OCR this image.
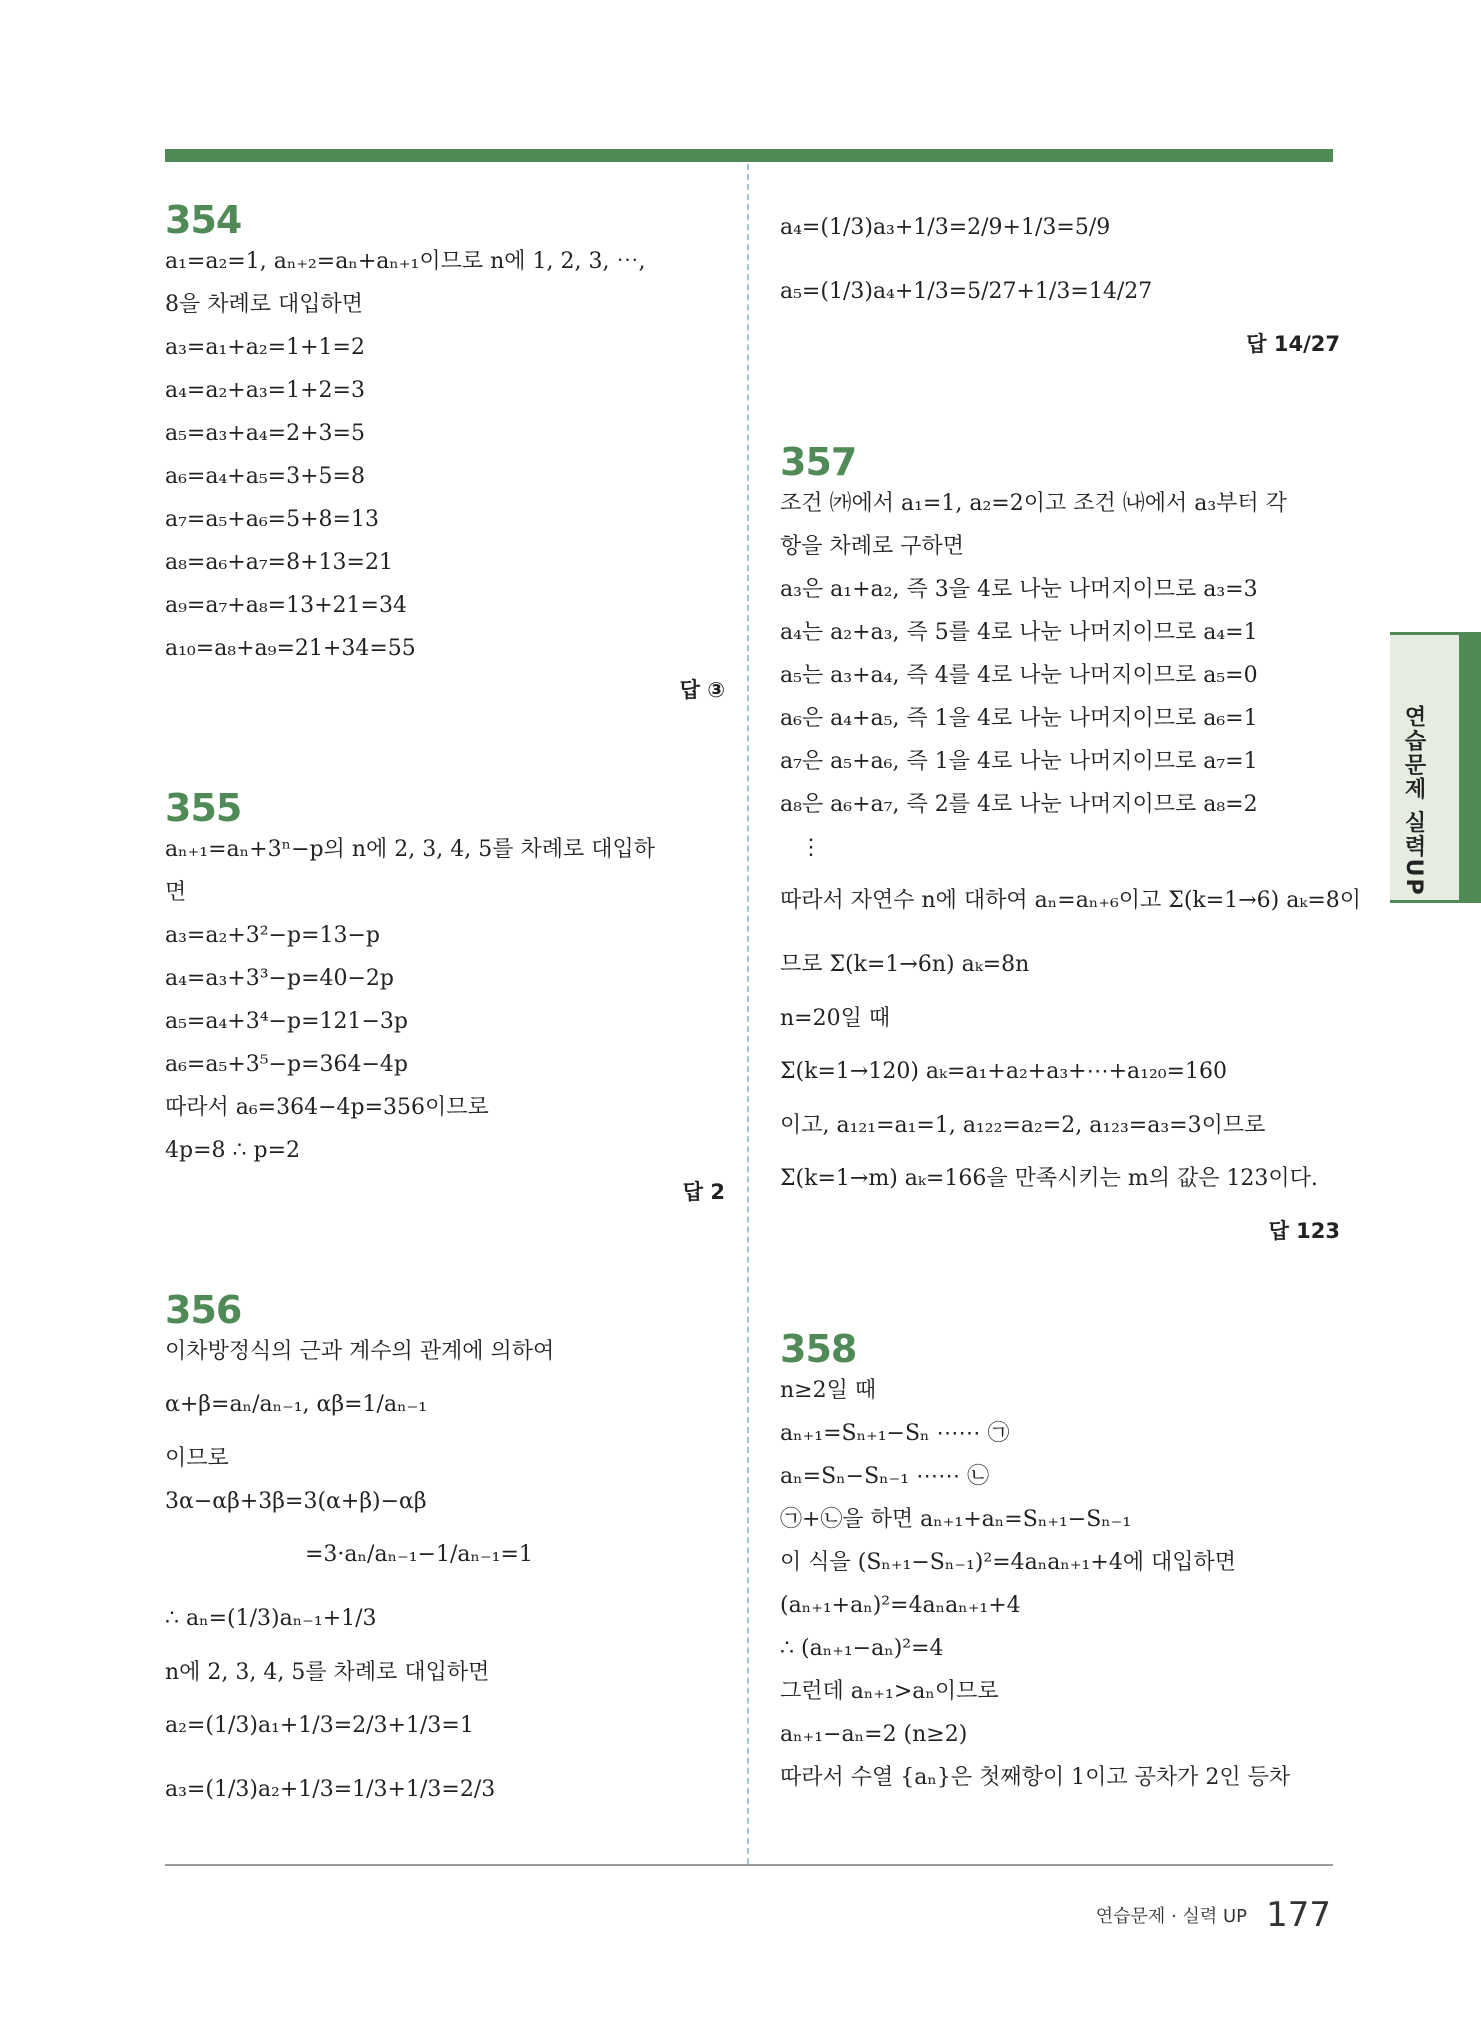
354
a₁=a₂=1, aₙ₊₂=aₙ+aₙ₊₁이므로 n에 1, 2, 3, ⋯,
8을 차례로 대입하면
a₃=a₁+a₂=1+1=2
a₄=a₂+a₃=1+2=3
a₅=a₃+a₄=2+3=5
a₆=a₄+a₅=3+5=8
a₇=a₅+a₆=5+8=13
a₈=a₆+a₇=8+13=21
a₉=a₇+a₈=13+21=34
a₁₀=a₈+a₉=21+34=55
답 ③
355
aₙ₊₁=aₙ+3ⁿ−p의 n에 2, 3, 4, 5를 차례로 대입하
면
a₃=a₂+3²−p=13−p
a₄=a₃+3³−p=40−2p
a₅=a₄+3⁴−p=121−3p
a₆=a₅+3⁵−p=364−4p
따라서 a₆=364−4p=356이므로
4p=8 ∴ p=2
답 2
356
이차방정식의 근과 계수의 관계에 의하여
α+β=aₙ/aₙ₋₁, αβ=1/aₙ₋₁
이므로
3α−αβ+3β=3(α+β)−αβ
=3·aₙ/aₙ₋₁−1/aₙ₋₁=1
∴ aₙ=(1/3)aₙ₋₁+1/3
n에 2, 3, 4, 5를 차례로 대입하면
a₂=(1/3)a₁+1/3=2/3+1/3=1
a₃=(1/3)a₂+1/3=1/3+1/3=2/3
a₄=(1/3)a₃+1/3=2/9+1/3=5/9
a₅=(1/3)a₄+1/3=5/27+1/3=14/27
답 14/27
357
조건 ㈎에서 a₁=1, a₂=2이고 조건 ㈏에서 a₃부터 각
항을 차례로 구하면
a₃은 a₁+a₂, 즉 3을 4로 나눈 나머지이므로 a₃=3
a₄는 a₂+a₃, 즉 5를 4로 나눈 나머지이므로 a₄=1
a₅는 a₃+a₄, 즉 4를 4로 나눈 나머지이므로 a₅=0
a₆은 a₄+a₅, 즉 1을 4로 나눈 나머지이므로 a₆=1
a₇은 a₅+a₆, 즉 1을 4로 나눈 나머지이므로 a₇=1
a₈은 a₆+a₇, 즉 2를 4로 나눈 나머지이므로 a₈=2
⋮
따라서 자연수 n에 대하여 aₙ=aₙ₊₆이고 Σ(k=1→6) aₖ=8이
므로 Σ(k=1→6n) aₖ=8n
n=20일 때
Σ(k=1→120) aₖ=a₁+a₂+a₃+⋯+a₁₂₀=160
이고, a₁₂₁=a₁=1, a₁₂₂=a₂=2, a₁₂₃=a₃=3이므로
Σ(k=1→m) aₖ=166을 만족시키는 m의 값은 123이다.
답 123
358
n≥2일 때
aₙ₊₁=Sₙ₊₁−Sₙ ⋯⋯ ㉠
aₙ=Sₙ−Sₙ₋₁ ⋯⋯ ㉡
㉠+㉡을 하면 aₙ₊₁+aₙ=Sₙ₊₁−Sₙ₋₁
이 식을 (Sₙ₊₁−Sₙ₋₁)²=4aₙaₙ₊₁+4에 대입하면
(aₙ₊₁+aₙ)²=4aₙaₙ₊₁+4
∴ (aₙ₊₁−aₙ)²=4
그런데 aₙ₊₁>aₙ이므로
aₙ₊₁−aₙ=2 (n≥2)
따라서 수열 {aₙ}은 첫째항이 1이고 공차가 2인 등차
연습문제 실력UP
연습문제 · 실력 UP 177
